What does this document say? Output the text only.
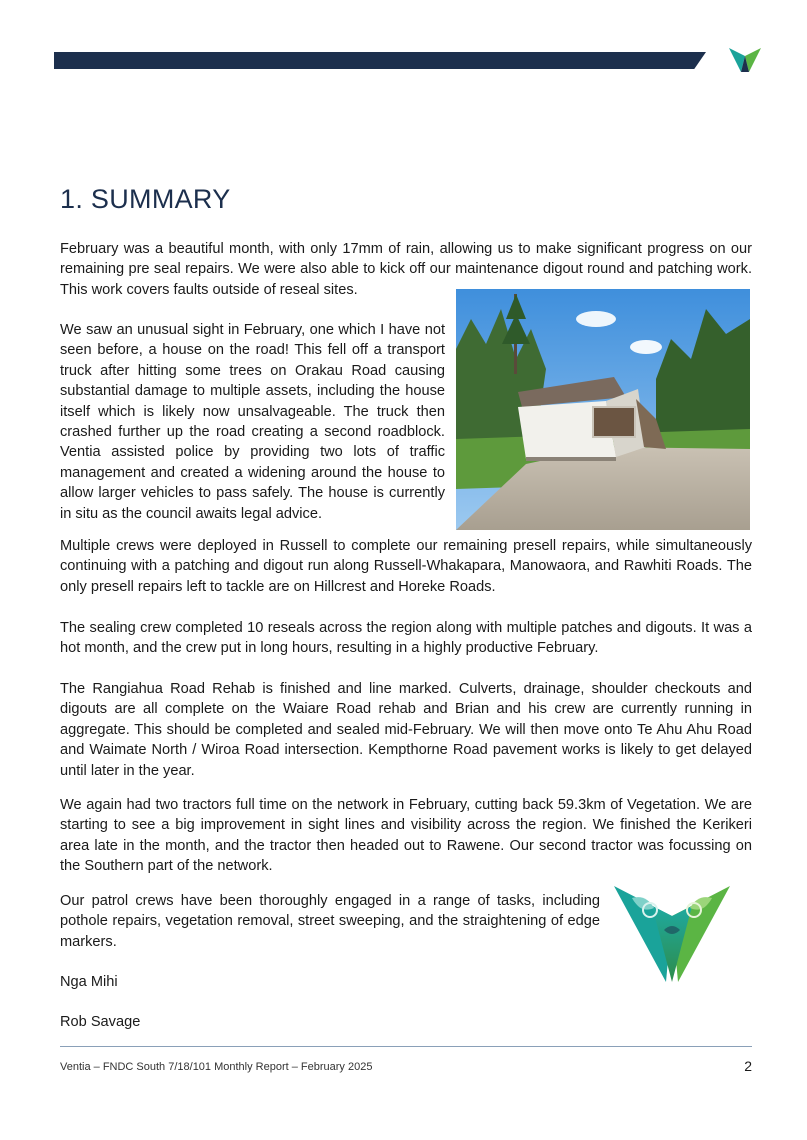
1. SUMMARY

February was a beautiful month, with only 17mm of rain, allowing us to make significant progress on our remaining pre seal repairs. We were also able to kick off our maintenance digout round and patching work. This work covers faults outside of reseal sites.

We saw an unusual sight in February, one which I have not seen before, a house on the road! This fell off a transport truck after hitting some trees on Orakau Road causing substantial damage to multiple assets, including the house itself which is likely now unsalvageable. The truck then crashed further up the road creating a second roadblock. Ventia assisted police by providing two lots of traffic management and created a widening around the house to allow larger vehicles to pass safely. The house is currently in situ as the council awaits legal advice.

Multiple crews were deployed in Russell to complete our remaining presell repairs, while simultaneously continuing with a patching and digout run along Russell-Whakapara, Manowaora, and Rawhiti Roads. The only presell repairs left to tackle are on Hillcrest and Horeke Roads.

The sealing crew completed 10 reseals across the region along with multiple patches and digouts. It was a hot month, and the crew put in long hours, resulting in a highly productive February.

The Rangiahua Road Rehab is finished and line marked. Culverts, drainage, shoulder checkouts and digouts are all complete on the Waiare Road rehab and Brian and his crew are currently running in aggregate. This should be completed and sealed mid-February. We will then move onto Te Ahu Ahu Road and Waimate North / Wiroa Road intersection. Kempthorne Road pavement works is likely to get delayed until later in the year.

We again had two tractors full time on the network in February, cutting back 59.3km of Vegetation. We are starting to see a big improvement in sight lines and visibility across the region. We finished the Kerikeri area late in the month, and the tractor then headed out to Rawene. Our second tractor was focussing on the Southern part of the network.

Our patrol crews have been thoroughly engaged in a range of tasks, including pothole repairs, vegetation removal, street sweeping, and the straightening of edge markers.

Nga Mihi

Rob Savage

Ventia – FNDC South 7/18/101 Monthly Report – February 2025	2
